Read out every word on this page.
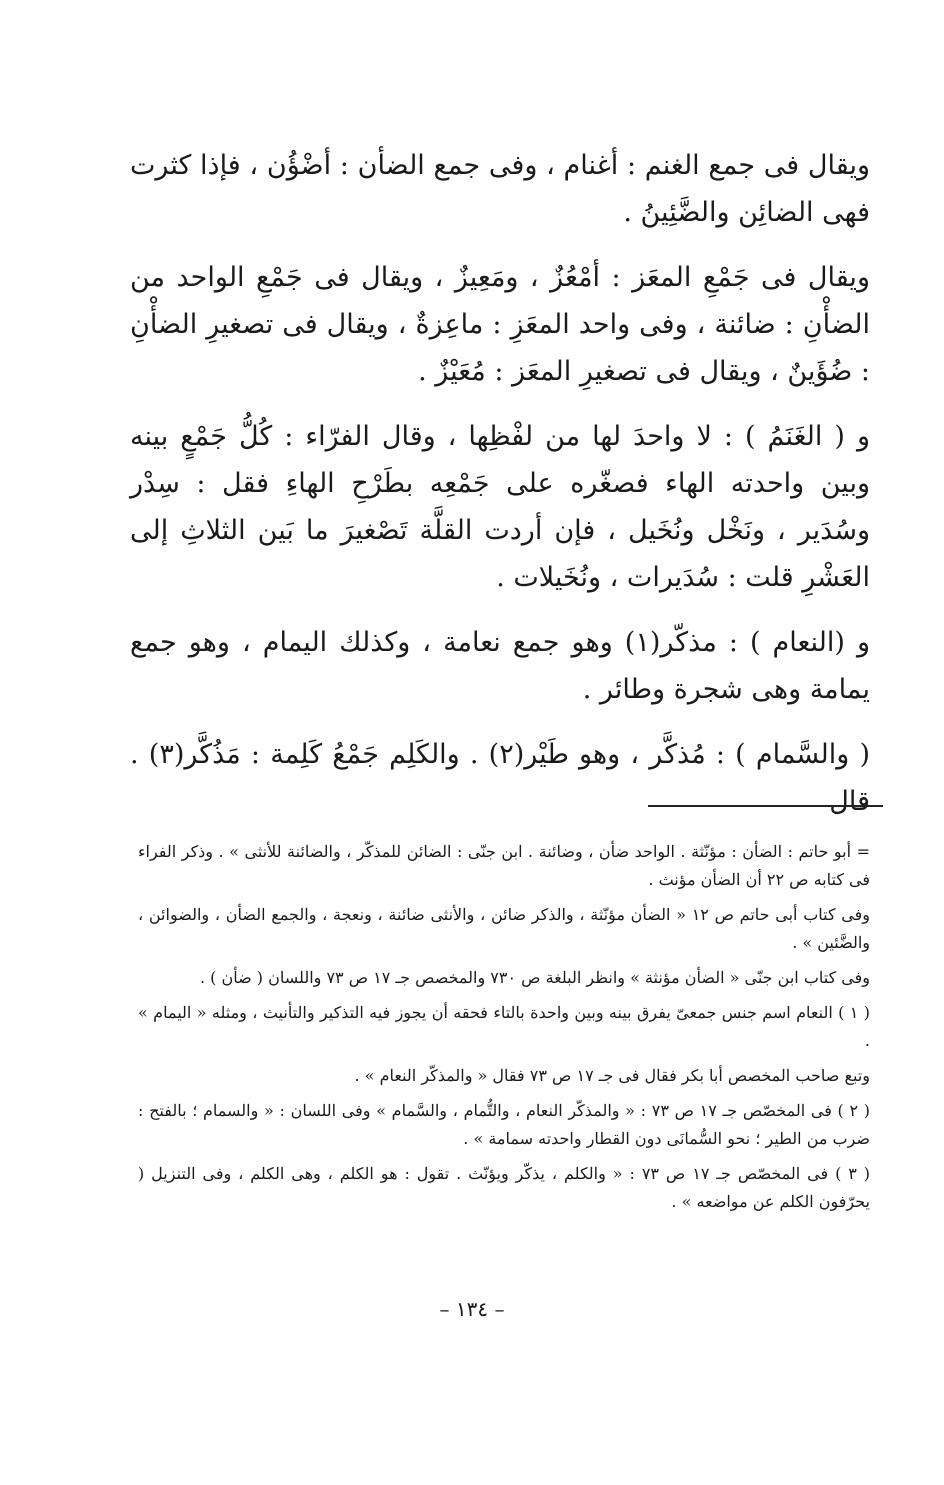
ويقال فى جمع الغنم : أغنام ، وفى جمع الضأن : أضْؤُن ، فإذا كثرت فهى الضائِن والضَّئِينُ .

ويقال فى جَمْعِ المعَز : أمْعُزٌ ، ومَعِيزٌ ، ويقال فى جَمْعِ الواحد من الضأْنِ : ضائنة ، وفى واحد المعَزِ : ماعِزةٌ ، ويقال فى تصغيرِ الضأْنِ : ضُؤَينٌ ، ويقال فى تصغيرِ المعَز : مُعَيْزٌ .

و ( الغَنَمُ ) : لا واحدَ لها من لفْظِها ، وقال الفرّاء : كُلُّ جَمْعٍ بينه وبين واحدته الهاء فصغّره على جَمْعِه بطَرْحِ الهاءِ فقل : سِدْر وسُدَير ، ونَخْل ونُخَيل ، فإن أردت القلَّة تَصْغيرَ ما بَين الثلاثِ إلى العَشْرِ قلت : سُدَيرات ، ونُخَيلات .

و (النعام ) : مذكّر(١) وهو جمع نعامة ، وكذلك اليمام ، وهو جمع يمامة وهى شجرة وطائر .

( والسَّمام ) : مُذكَّر ، وهو طَيْر(٢) . والكَلِم جَمْعُ كَلِمة : مَذُكَّر(٣) . قال

= أبو حاتم : الضأن : مؤنّثة . الواحد ضأن ، وضائنة . ابن جنّى : الضائن للمذكّر ، والضائنة للأنثى » . وذكر الفراء فى كتابه ص ٢٢ أن الضأن مؤنث .

وفى كتاب أبى حاتم ص ١٢ « الضأن مؤنّثة ، والذكر ضائن ، والأنثى ضائنة ، ونعجة ، والجمع الضأن ، والضوائن ، والضَّئين » .

وفى كتاب ابن جنّى « الضأن مؤنثة » وانظر البلغة ص ٧٣٠ والمخصص جـ ١٧ ص ٧٣ واللسان ( ضأن ) .

( ١ ) النعام اسم جنس جمعىّ يفرق بينه وبين واحدة بالتاء فحقه أن يجوز فيه التذكير والتأنيث ، ومثله « اليمام » .

وتبع صاحب المخصص أبا بكر فقال فى جـ ١٧ ص ٧٣ فقال « والمذكّر النعام » .

( ٢ ) فى المخصّص جـ ١٧ ص ٧٣ : « والمذكّر النعام ، والتُّمام ، والسَّمام » وفى اللسان : « والسمام ؛ بالفتح : ضرب من الطير ؛ نحو السُّمانَى دون القطار واحدته سمامة » .

( ٣ ) فى المخصّص جـ ١٧ ص ٧٣ : « والكلم ، يذكّر ويؤنّث . تقول : هو الكلم ، وهى الكلم ، وفى التنزيل ( يحرّفون الكلم عن مواضعه » .

– ١٣٤ –
